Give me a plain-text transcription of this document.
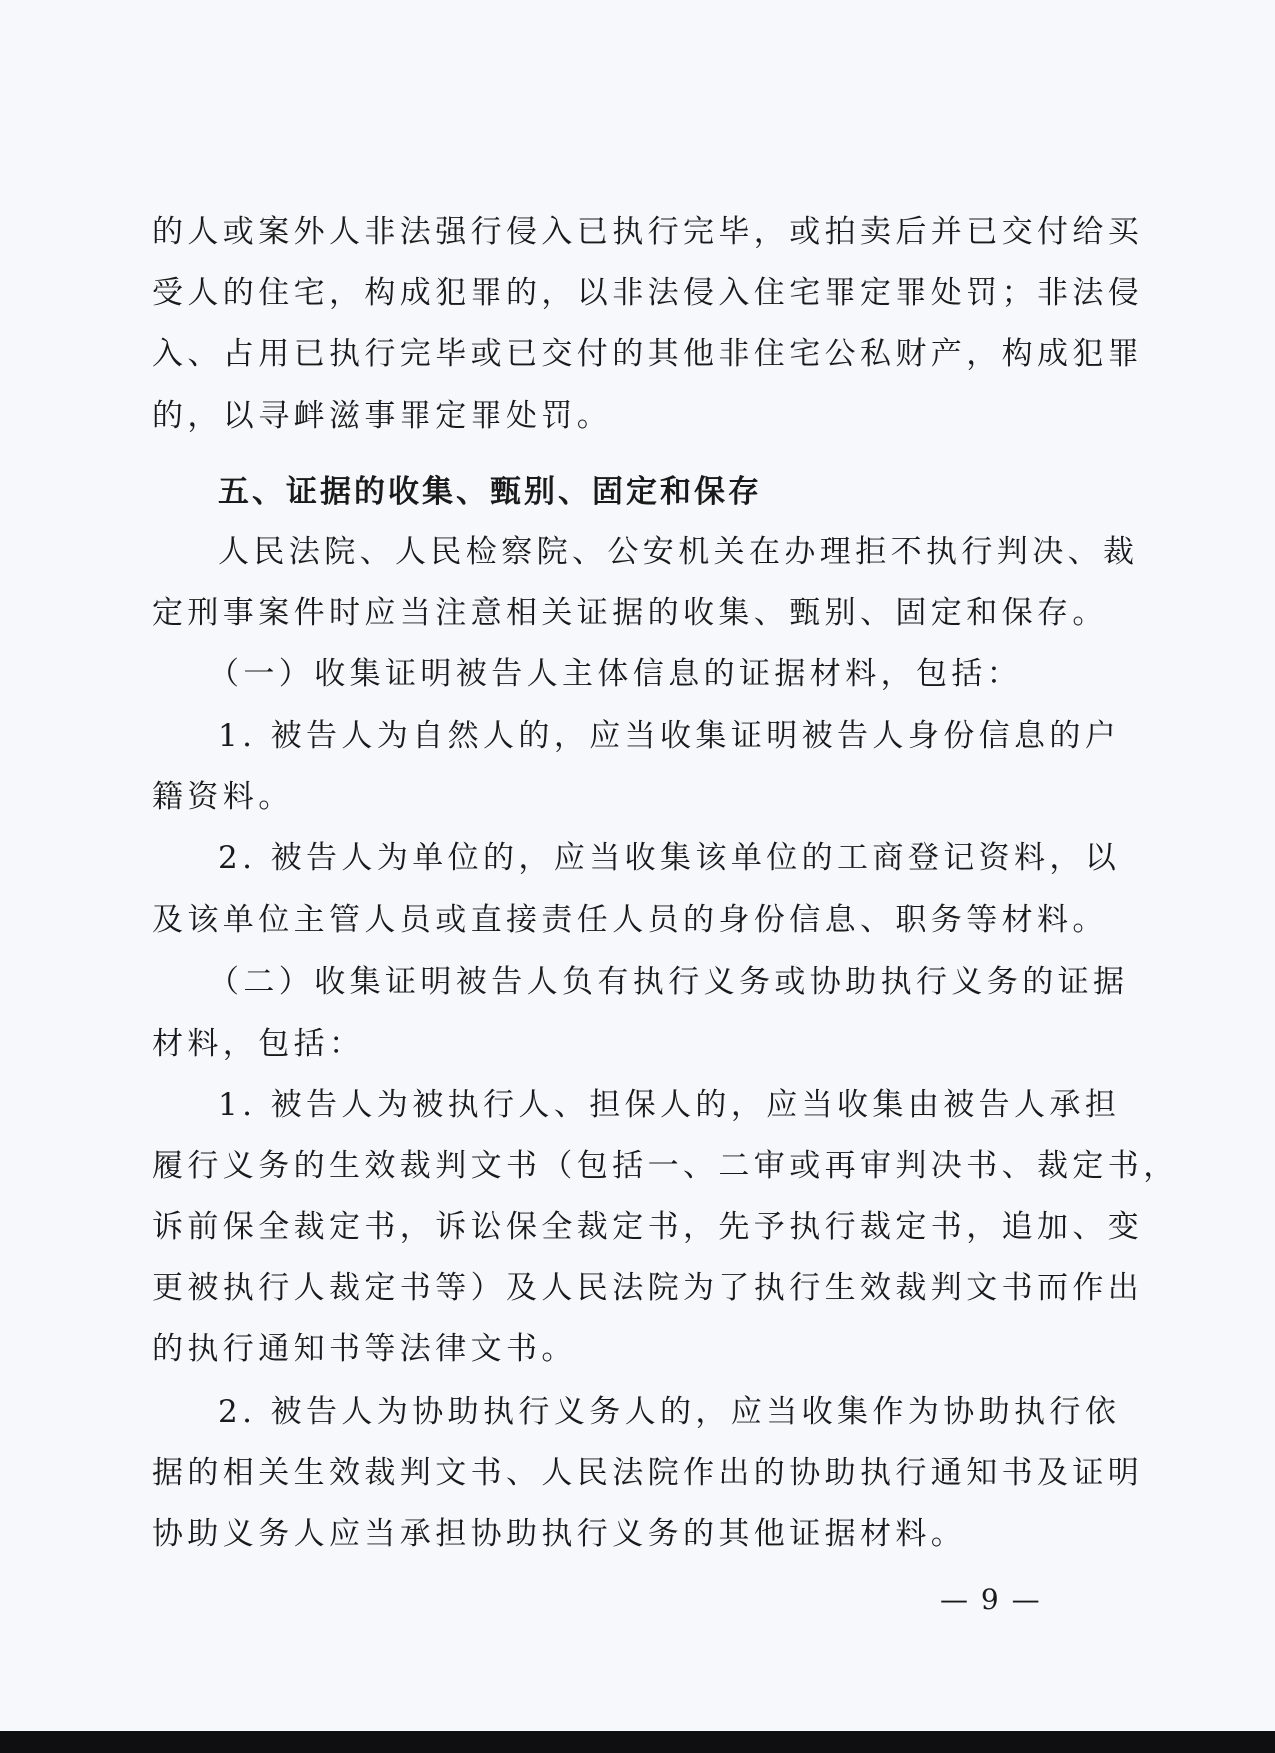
的人或案外人非法强行侵入已执行完毕，或拍卖后并已交付给买
受人的住宅，构成犯罪的，以非法侵入住宅罪定罪处罚；非法侵
入、占用已执行完毕或已交付的其他非住宅公私财产，构成犯罪
的，以寻衅滋事罪定罪处罚。
五、证据的收集、甄别、固定和保存
人民法院、人民检察院、公安机关在办理拒不执行判决、裁
定刑事案件时应当注意相关证据的收集、甄别、固定和保存。
（一）收集证明被告人主体信息的证据材料，包括：
1. 被告人为自然人的，应当收集证明被告人身份信息的户
籍资料。
2. 被告人为单位的，应当收集该单位的工商登记资料，以
及该单位主管人员或直接责任人员的身份信息、职务等材料。
（二）收集证明被告人负有执行义务或协助执行义务的证据
材料，包括：
1. 被告人为被执行人、担保人的，应当收集由被告人承担
履行义务的生效裁判文书（包括一、二审或再审判决书、裁定书，
诉前保全裁定书，诉讼保全裁定书，先予执行裁定书，追加、变
更被执行人裁定书等）及人民法院为了执行生效裁判文书而作出
的执行通知书等法律文书。
2. 被告人为协助执行义务人的，应当收集作为协助执行依
据的相关生效裁判文书、人民法院作出的协助执行通知书及证明
协助义务人应当承担协助执行义务的其他证据材料。
— 9 —
